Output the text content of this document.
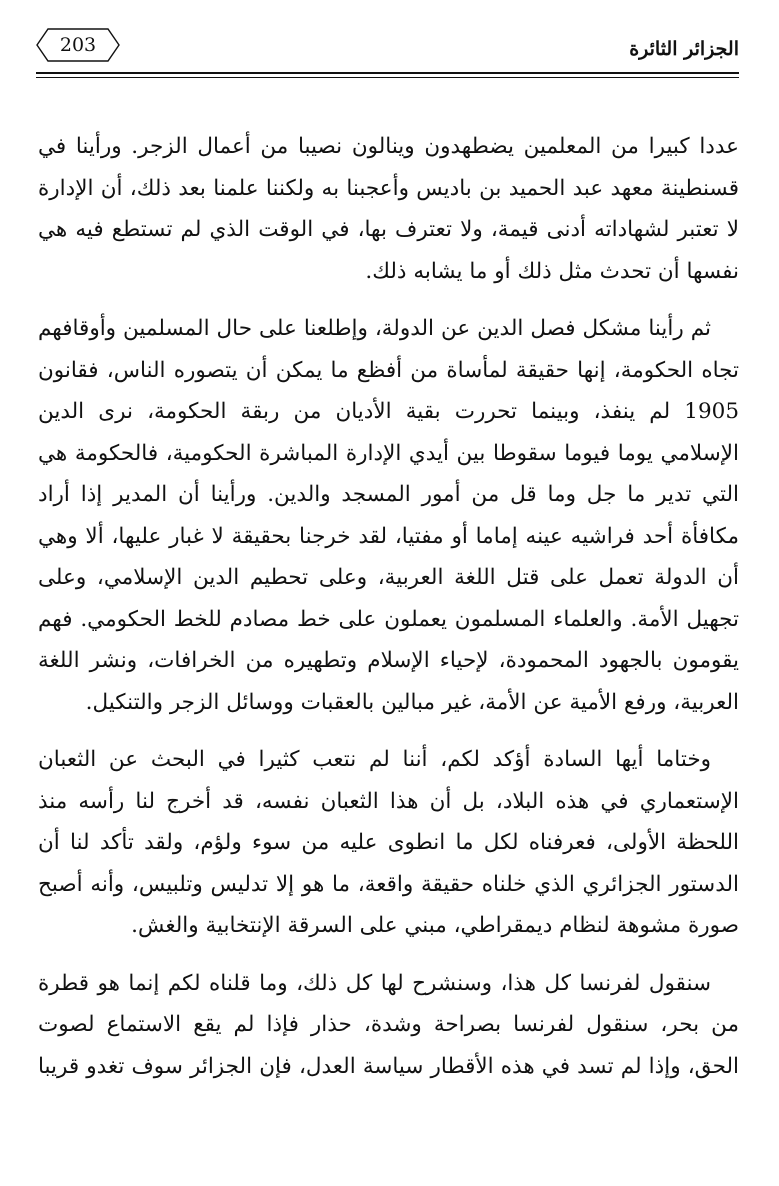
الجزائر الثائرة
203

عددا كبيرا من المعلمين يضطهدون وينالون نصيبا من أعمال الزجر. ورأينا في قسنطينة معهد عبد الحميد بن باديس وأعجبنا به ولكننا علمنا بعد ذلك، أن الإدارة لا تعتبر لشهاداته أدنى قيمة، ولا تعترف بها، في الوقت الذي لم تستطع فيه هي نفسها أن تحدث مثل ذلك أو ما يشابه ذلك.

ثم رأينا مشكل فصل الدين عن الدولة، وإطلعنا على حال المسلمين وأوقافهم تجاه الحكومة، إنها حقيقة لمأساة من أفظع ما يمكن أن يتصوره الناس، فقانون 1905 لم ينفذ، وبينما تحررت بقية الأديان من ربقة الحكومة، نرى الدين الإسلامي يوما فيوما سقوطا بين أيدي الإدارة المباشرة الحكومية، فالحكومة هي التي تدير ما جل وما قل من أمور المسجد والدين. ورأينا أن المدير إذا أراد مكافأة أحد فراشيه عينه إماما أو مفتيا، لقد خرجنا بحقيقة لا غبار عليها، ألا وهي أن الدولة تعمل على قتل اللغة العربية، وعلى تحطيم الدين الإسلامي، وعلى تجهيل الأمة. والعلماء المسلمون يعملون على خط مصادم للخط الحكومي. فهم يقومون بالجهود المحمودة، لإحياء الإسلام وتطهيره من الخرافات، ونشر اللغة العربية، ورفع الأمية عن الأمة، غير مبالين بالعقبات ووسائل الزجر والتنكيل.

وختاما أيها السادة أؤكد لكم، أننا لم نتعب كثيرا في البحث عن الثعبان الإستعماري في هذه البلاد، بل أن هذا الثعبان نفسه، قد أخرج لنا رأسه منذ اللحظة الأولى، فعرفناه لكل ما انطوى عليه من سوء ولؤم، ولقد تأكد لنا أن الدستور الجزائري الذي خلناه حقيقة واقعة، ما هو إلا تدليس وتلبيس، وأنه أصبح صورة مشوهة لنظام ديمقراطي، مبني على السرقة الإنتخابية والغش.

سنقول لفرنسا كل هذا، وسنشرح لها كل ذلك، وما قلناه لكم إنما هو قطرة من بحر، سنقول لفرنسا بصراحة وشدة، حذار فإذا لم يقع الاستماع لصوت الحق، وإذا لم تسد في هذه الأقطار سياسة العدل، فإن الجزائر سوف تغدو قريبا
